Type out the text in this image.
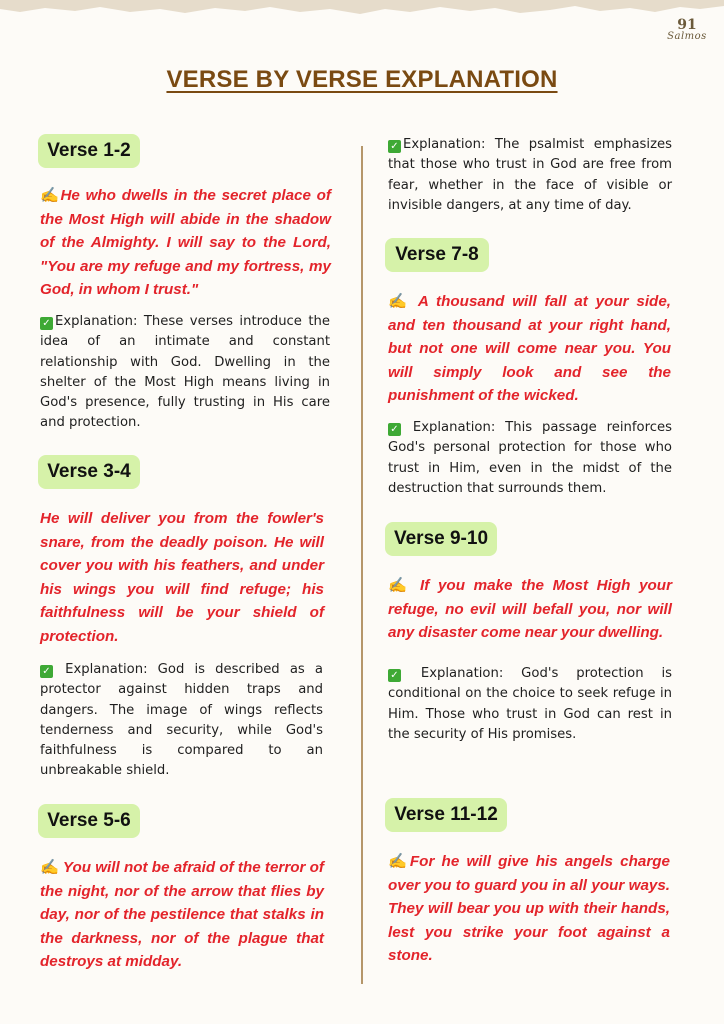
91
Salmos
VERSE BY VERSE EXPLANATION
Verse 1-2

✍He who dwells in the secret place of the Most High will abide in the shadow of the Almighty. I will say to the Lord, "You are my refuge and my fortress, my God, in whom I trust."

✓ Explanation: These verses introduce the idea of an intimate and constant relationship with God. Dwelling in the shelter of the Most High means living in God's presence, fully trusting in His care and protection.

Verse 3-4

He will deliver you from the fowler's snare, from the deadly poison. He will cover you with his feathers, and under his wings you will find refuge; his faithfulness will be your shield of protection.

✓ Explanation: God is described as a protector against hidden traps and dangers. The image of wings reflects tenderness and security, while God's faithfulness is compared to an unbreakable shield.

Verse 5-6

✍ You will not be afraid of the terror of the night, nor of the arrow that flies by day, nor of the pestilence that stalks in the darkness, nor of the plague that destroys at midday.

✓ Explanation: The psalmist emphasizes that those who trust in God are free from fear, whether in the face of visible or invisible dangers, at any time of day.

Verse 7-8

✍ A thousand will fall at your side, and ten thousand at your right hand, but not one will come near you. You will simply look and see the punishment of the wicked.

✓ Explanation: This passage reinforces God's personal protection for those who trust in Him, even in the midst of the destruction that surrounds them.

Verse 9-10

✍ If you make the Most High your refuge, no evil will befall you, nor will any disaster come near your dwelling.

✓ Explanation: God's protection is conditional on the choice to seek refuge in Him. Those who trust in God can rest in the security of His promises.

Verse 11-12

✍For he will give his angels charge over you to guard you in all your ways. They will bear you up with their hands, lest you strike your foot against a stone.
